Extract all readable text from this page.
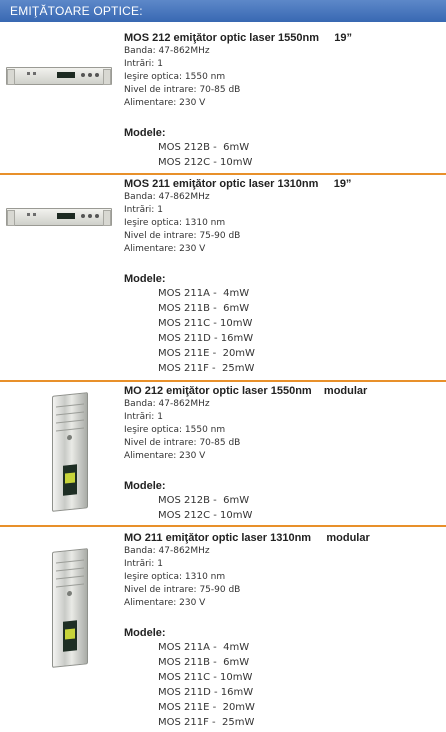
EMIŢĂTOARE OPTICE:
MOS 212 emiţător optic laser 1550nm     19”
Banda: 47-862MHz
Intrări: 1
Ieşire optica: 1550 nm
Nivel de intrare: 70-85 dB
Alimentare: 230 V
Modele:
MOS 212B -  6mW
MOS 212C - 10mW
MOS 211 emiţător optic laser 1310nm     19”
Banda: 47-862MHz
Intrări: 1
Ieşire optica: 1310 nm
Nivel de intrare: 75-90 dB
Alimentare: 230 V
Modele:
MOS 211A -  4mW
MOS 211B -  6mW
MOS 211C - 10mW
MOS 211D - 16mW
MOS 211E -  20mW
MOS 211F -  25mW
MO 212 emiţător optic laser 1550nm    modular
Banda: 47-862MHz
Intrări: 1
Ieşire optica: 1550 nm
Nivel de intrare: 70-85 dB
Alimentare: 230 V
Modele:
MOS 212B -  6mW
MOS 212C - 10mW
MO 211 emiţător optic laser 1310nm     modular
Banda: 47-862MHz
Intrări: 1
Ieşire optica: 1310 nm
Nivel de intrare: 75-90 dB
Alimentare: 230 V
Modele:
MOS 211A -  4mW
MOS 211B -  6mW
MOS 211C - 10mW
MOS 211D - 16mW
MOS 211E -  20mW
MOS 211F -  25mW
